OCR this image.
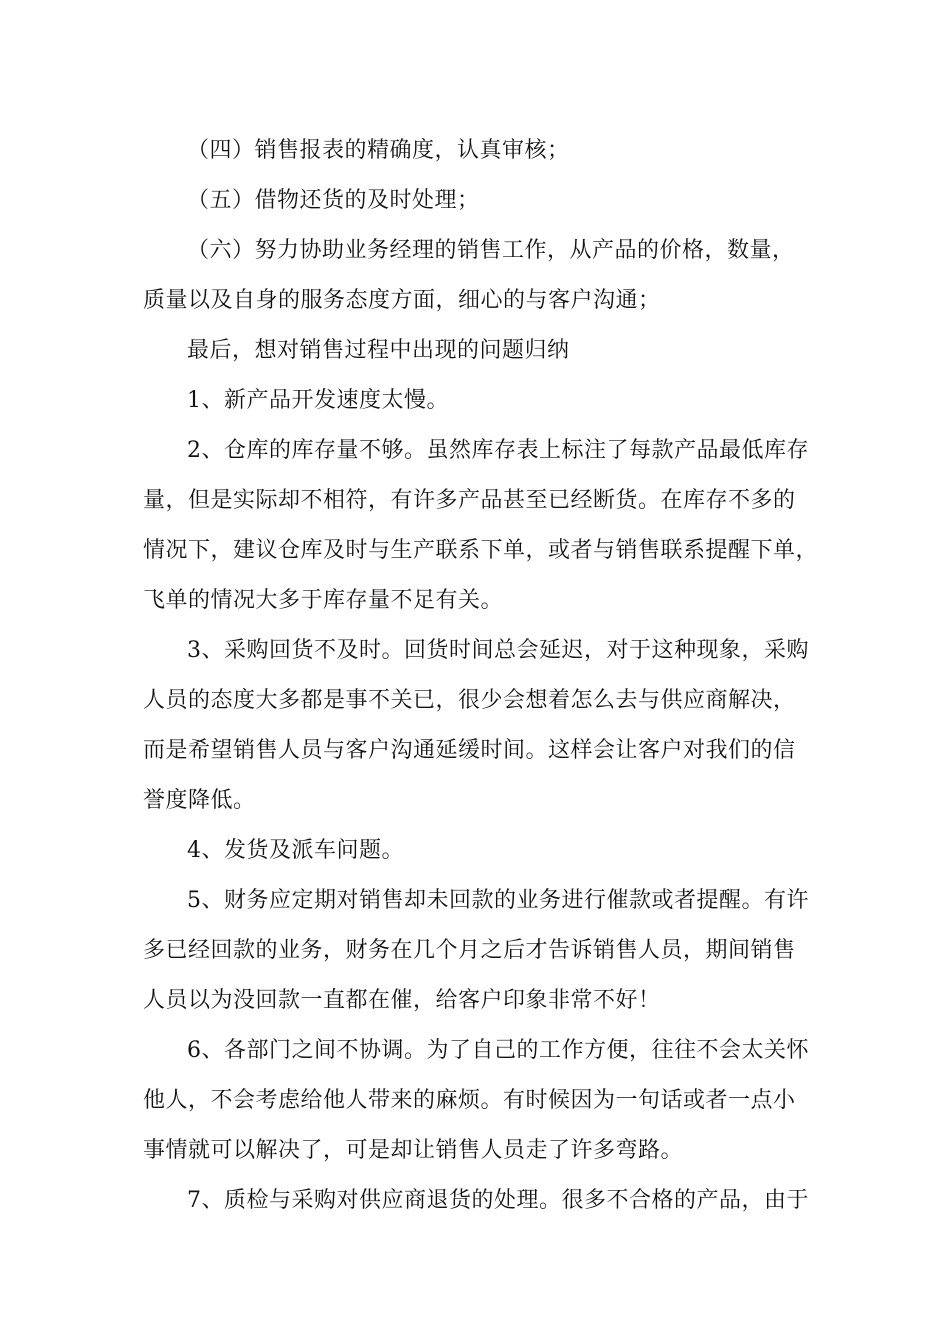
（四）销售报表的精确度，认真审核；

（五）借物还货的及时处理；

（六）努力协助业务经理的销售工作，从产品的价格，数量，
质量以及自身的服务态度方面，细心的与客户沟通；

最后，想对销售过程中出现的问题归纳

1、新产品开发速度太慢。

2、仓库的库存量不够。虽然库存表上标注了每款产品最低库存
量，但是实际却不相符，有许多产品甚至已经断货。在库存不多的
情况下，建议仓库及时与生产联系下单，或者与销售联系提醒下单，
飞单的情况大多于库存量不足有关。

3、采购回货不及时。回货时间总会延迟，对于这种现象，采购
人员的态度大多都是事不关已，很少会想着怎么去与供应商解决，
而是希望销售人员与客户沟通延缓时间。这样会让客户对我们的信
誉度降低。

4、发货及派车问题。

5、财务应定期对销售却未回款的业务进行催款或者提醒。有许
多已经回款的业务，财务在几个月之后才告诉销售人员，期间销售
人员以为没回款一直都在催，给客户印象非常不好！

6、各部门之间不协调。为了自己的工作方便，往往不会太关怀
他人，不会考虑给他人带来的麻烦。有时候因为一句话或者一点小
事情就可以解决了，可是却让销售人员走了许多弯路。

7、质检与采购对供应商退货的处理。很多不合格的产品，由于
